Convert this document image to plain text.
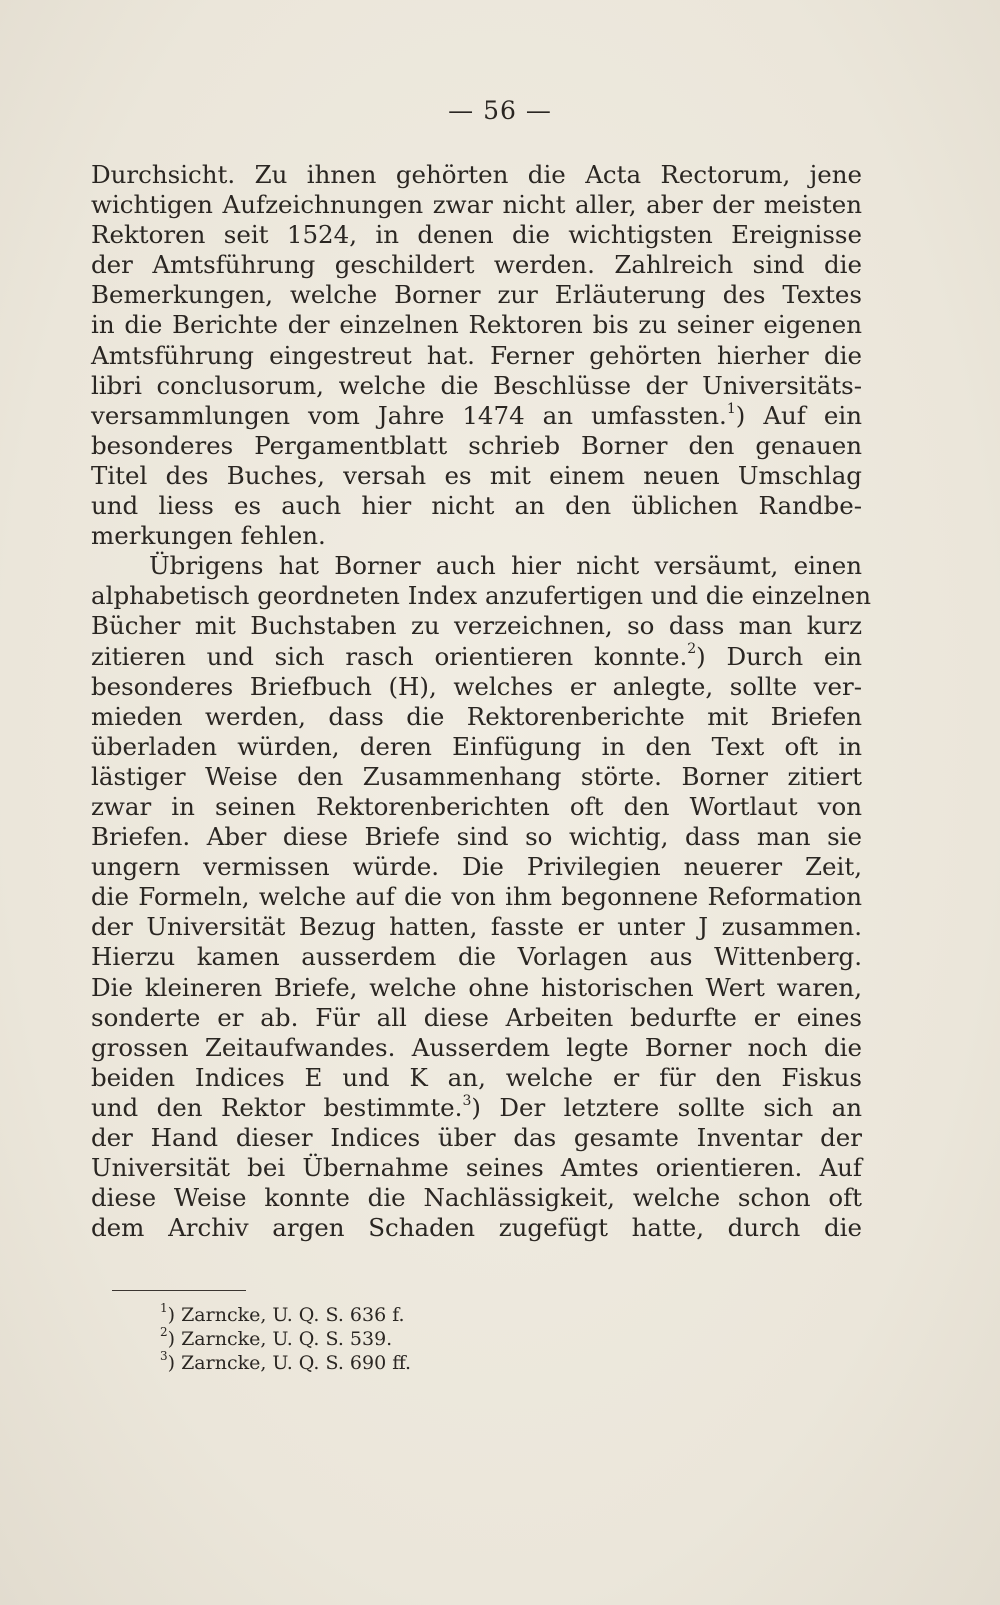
— 56 —
Durchsicht. Zu ihnen gehörten die Acta Rectorum, jene
wichtigen Aufzeichnungen zwar nicht aller, aber der meisten
Rektoren seit 1524, in denen die wichtigsten Ereignisse
der Amtsführung geschildert werden. Zahlreich sind die
Bemerkungen, welche Borner zur Erläuterung des Textes
in die Berichte der einzelnen Rektoren bis zu seiner eigenen
Amtsführung eingestreut hat. Ferner gehörten hierher die
libri conclusorum, welche die Beschlüsse der Universitäts-
versammlungen vom Jahre 1474 an umfassten.$^1$) Auf ein
besonderes Pergamentblatt schrieb Borner den genauen
Titel des Buches, versah es mit einem neuen Umschlag
und liess es auch hier nicht an den üblichen Randbe-
merkungen fehlen.
Übrigens hat Borner auch hier nicht versäumt, einen
alphabetisch geordneten Index anzufertigen und die einzelnen
Bücher mit Buchstaben zu verzeichnen, so dass man kurz
zitieren und sich rasch orientieren konnte.$^2$) Durch ein
besonderes Briefbuch (H), welches er anlegte, sollte ver-
mieden werden, dass die Rektorenberichte mit Briefen
überladen würden, deren Einfügung in den Text oft in
lästiger Weise den Zusammenhang störte. Borner zitiert
zwar in seinen Rektorenberichten oft den Wortlaut von
Briefen. Aber diese Briefe sind so wichtig, dass man sie
ungern vermissen würde. Die Privilegien neuerer Zeit,
die Formeln, welche auf die von ihm begonnene Reformation
der Universität Bezug hatten, fasste er unter J zusammen.
Hierzu kamen ausserdem die Vorlagen aus Wittenberg.
Die kleineren Briefe, welche ohne historischen Wert waren,
sonderte er ab. Für all diese Arbeiten bedurfte er eines
grossen Zeitaufwandes. Ausserdem legte Borner noch die
beiden Indices E und K an, welche er für den Fiskus
und den Rektor bestimmte.$^3$) Der letztere sollte sich an
der Hand dieser Indices über das gesamte Inventar der
Universität bei Übernahme seines Amtes orientieren. Auf
diese Weise konnte die Nachlässigkeit, welche schon oft
dem Archiv argen Schaden zugefügt hatte, durch die
$^1$) Zarncke, U. Q. S. 636 f.
$^2$) Zarncke, U. Q. S. 539.
$^3$) Zarncke, U. Q. S. 690 ff.
